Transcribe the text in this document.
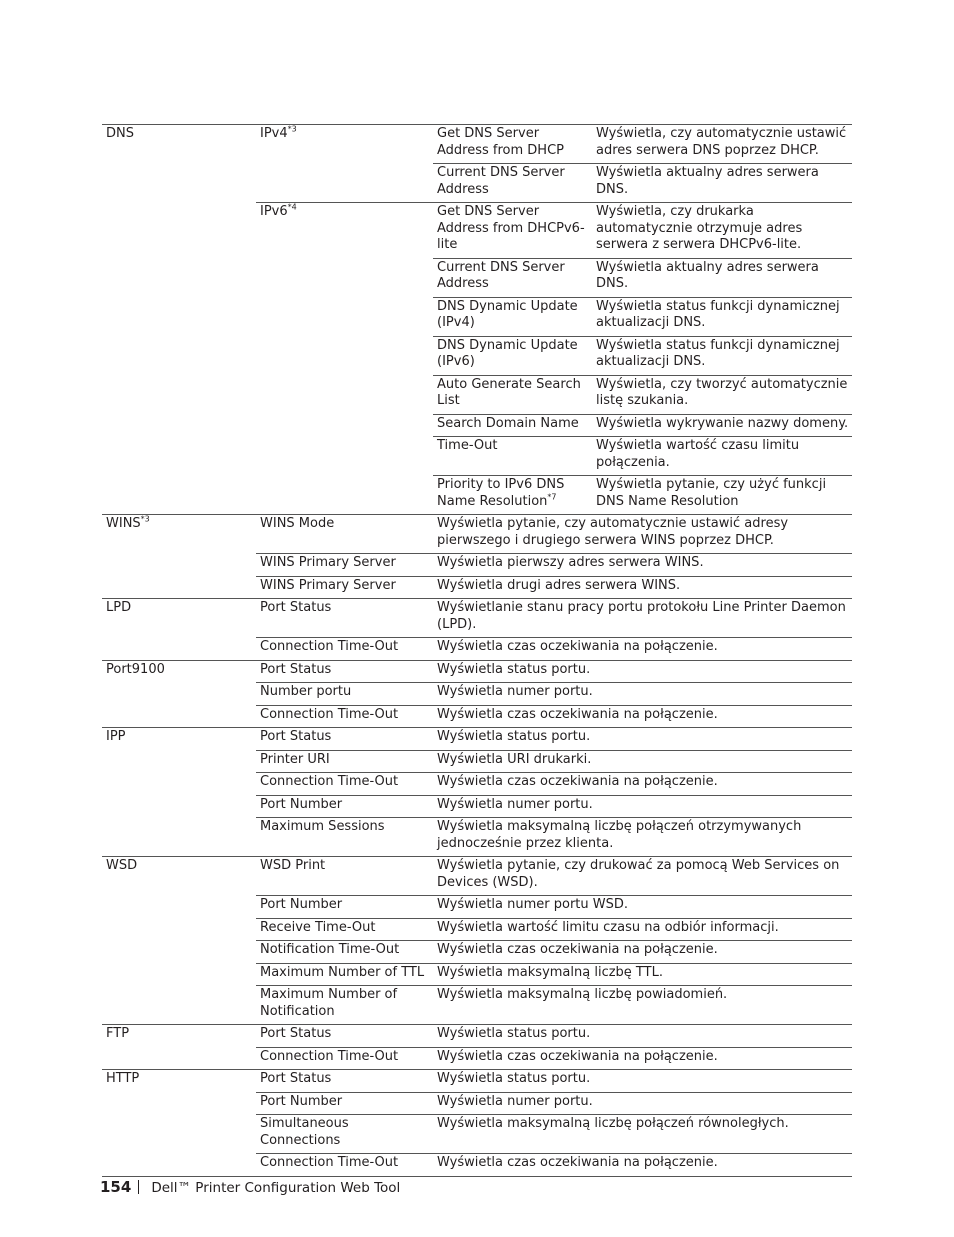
DNS	IPv4$^{*3}$	Get DNS Server Address from DHCP	Wyświetla, czy automatycznie ustawić adres serwera DNS poprzez DHCP.
		Current DNS Server Address	Wyświetla aktualny adres serwera DNS.
	IPv6$^{*4}$	Get DNS Server Address from DHCPv6-lite	Wyświetla, czy drukarka automatycznie otrzymuje adres serwera z serwera DHCPv6-lite.
		Current DNS Server Address	Wyświetla aktualny adres serwera DNS.
		DNS Dynamic Update (IPv4)	Wyświetla status funkcji dynamicznej aktualizacji DNS.
		DNS Dynamic Update (IPv6)	Wyświetla status funkcji dynamicznej aktualizacji DNS.
		Auto Generate Search List	Wyświetla, czy tworzyć automatycznie listę szukania.
		Search Domain Name	Wyświetla wykrywanie nazwy domeny.
		Time-Out	Wyświetla wartość czasu limitu połączenia.
		Priority to IPv6 DNS Name Resolution$^{*7}$	Wyświetla pytanie, czy użyć funkcji DNS Name Resolution
WINS$^{*3}$	WINS Mode	Wyświetla pytanie, czy automatycznie ustawić adresy pierwszego i drugiego serwera WINS poprzez DHCP.	
	WINS Primary Server	Wyświetla pierwszy adres serwera WINS.	
	WINS Primary Server	Wyświetla drugi adres serwera WINS.	
LPD	Port Status	Wyświetlanie stanu pracy portu protokołu Line Printer Daemon (LPD).	
	Connection Time-Out	Wyświetla czas oczekiwania na połączenie.	
Port9100	Port Status	Wyświetla status portu.	
	Number portu	Wyświetla numer portu.	
	Connection Time-Out	Wyświetla czas oczekiwania na połączenie.	
IPP	Port Status	Wyświetla status portu.	
	Printer URI	Wyświetla URI drukarki.	
	Connection Time-Out	Wyświetla czas oczekiwania na połączenie.	
	Port Number	Wyświetla numer portu.	
	Maximum Sessions	Wyświetla maksymalną liczbę połączeń otrzymywanych jednocześnie przez klienta.	
WSD	WSD Print	Wyświetla pytanie, czy drukować za pomocą Web Services on Devices (WSD).	
	Port Number	Wyświetla numer portu WSD.	
	Receive Time-Out	Wyświetla wartość limitu czasu na odbiór informacji.	
	Notification Time-Out	Wyświetla czas oczekiwania na połączenie.	
	Maximum Number of TTL	Wyświetla maksymalną liczbę TTL.	
	Maximum Number of Notification	Wyświetla maksymalną liczbę powiadomień.	
FTP	Port Status	Wyświetla status portu.	
	Connection Time-Out	Wyświetla czas oczekiwania na połączenie.	
HTTP	Port Status	Wyświetla status portu.	
	Port Number	Wyświetla numer portu.	
	Simultaneous Connections	Wyświetla maksymalną liczbę połączeń równoległych.	
	Connection Time-Out	Wyświetla czas oczekiwania na połączenie.	
154 Dell™ Printer Configuration Web Tool
